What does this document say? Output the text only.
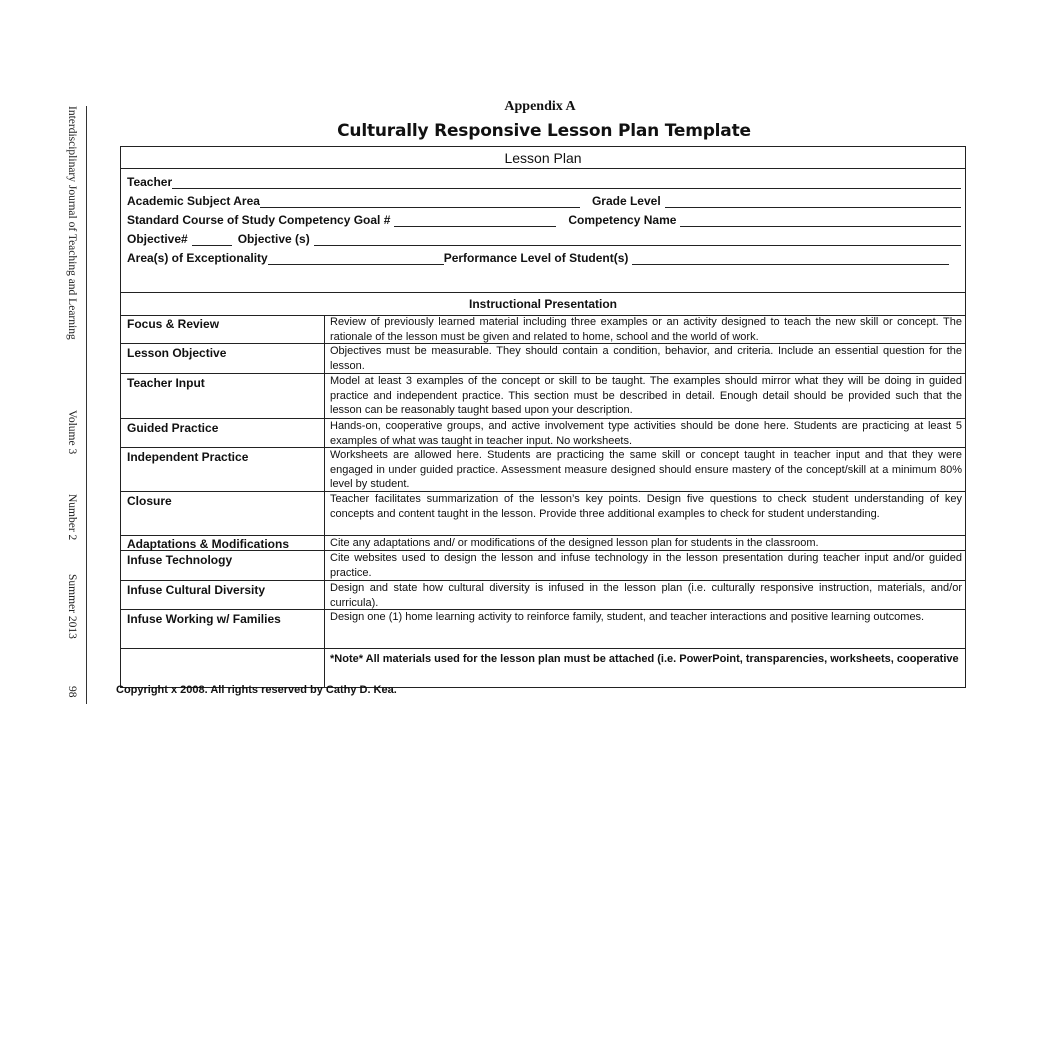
Interdisciplinary Journal of Teaching and Learning
Volume 3
Number 2
Summer 2013
98
Appendix A
Culturally Responsive Lesson Plan Template
Lesson Plan
Teacher
Academic Subject Area	Grade Level
Standard Course of Study Competency Goal #	Competency Name
Objective#	Objective (s)
Area(s) of Exceptionality	Performance Level of Student(s)
Instructional Presentation
Focus & Review	Review of previously learned material including three examples or an activity designed to teach the new skill or concept. The rationale of the lesson must be given and related to home, school and the world of work.
Lesson Objective	Objectives must be measurable. They should contain a condition, behavior, and criteria. Include an essential question for the lesson.
Teacher Input	Model at least 3 examples of the concept or skill to be taught. The examples should mirror what they will be doing in guided practice and independent practice. This section must be described in detail. Enough detail should be provided such that the lesson can be reasonably taught based upon your description.
Guided Practice	Hands-on, cooperative groups, and active involvement type activities should be done here. Students are practicing at least 5 examples of what was taught in teacher input. No worksheets.
Independent Practice	Worksheets are allowed here. Students are practicing the same skill or concept taught in teacher input and that they were engaged in under guided practice. Assessment measure designed should ensure mastery of the concept/skill at a minimum 80% level by student.
Closure	Teacher facilitates summarization of the lesson’s key points. Design five questions to check student understanding of key concepts and content taught in the lesson. Provide three additional examples to check for student understanding.
Adaptations & Modifications	Cite any adaptations and/ or modifications of the designed lesson plan for students in the classroom.
Infuse Technology	Cite websites used to design the lesson and infuse technology in the lesson presentation during teacher input and/or guided practice.
Infuse Cultural Diversity	Design and state how cultural diversity is infused in the lesson plan (i.e. culturally responsive instruction, materials, and/or curricula).
Infuse Working w/ Families	Design one (1) home learning activity to reinforce family, student, and teacher interactions and positive learning outcomes.
*Note* All materials used for the lesson plan must be attached (i.e. PowerPoint, transparencies, worksheets, cooperative
Copyright x 2008. All rights reserved by Cathy D. Kea.
